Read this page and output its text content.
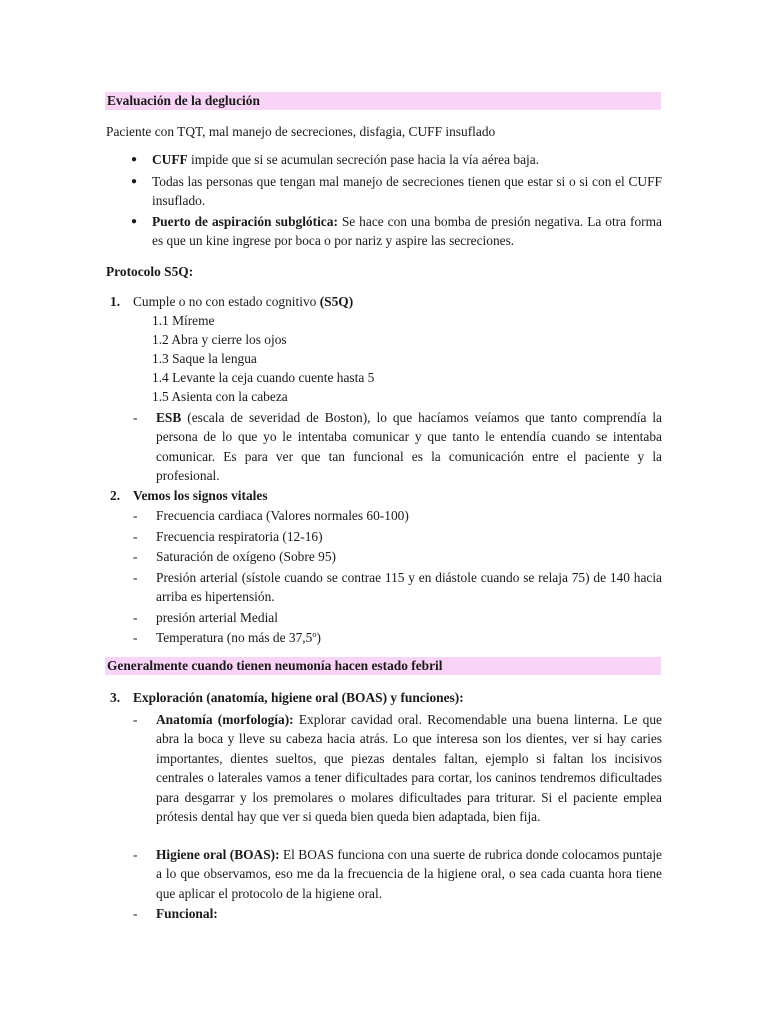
Evaluación de la deglución
Paciente con TQT, mal manejo de secreciones, disfagia, CUFF insuflado
● CUFF impide que si se acumulan secreción pase hacia la vía aérea baja.
● Todas las personas que tengan mal manejo de secreciones tienen que estar si o si con el CUFF insuflado.
● Puerto de aspiración subglótica: Se hace con una bomba de presión negativa. La otra forma es que un kine ingrese por boca o por nariz y aspire las secreciones.
Protocolo S5Q:
1. Cumple o no con estado cognitivo (S5Q)
1.1 Míreme
1.2 Abra y cierre los ojos
1.3 Saque la lengua
1.4 Levante la ceja cuando cuente hasta 5
1.5 Asienta con la cabeza
- ESB (escala de severidad de Boston), lo que hacíamos veíamos que tanto comprendía la persona de lo que yo le intentaba comunicar y que tanto le entendía cuando se intentaba comunicar. Es para ver que tan funcional es la comunicación entre el paciente y la profesional.
2. Vemos los signos vitales
- Frecuencia cardiaca (Valores normales 60-100)
- Frecuencia respiratoria (12-16)
- Saturación de oxígeno (Sobre 95)
- Presión arterial (sístole cuando se contrae 115 y en diástole cuando se relaja 75) de 140 hacia arriba es hipertensión.
- presión arterial Medial
- Temperatura (no más de 37,5º)
Generalmente cuando tienen neumonía hacen estado febril
3. Exploración (anatomía, higiene oral (BOAS) y funciones):
- Anatomía (morfología): Explorar cavidad oral. Recomendable una buena linterna. Le que abra la boca y lleve su cabeza hacia atrás. Lo que interesa son los dientes, ver si hay caries importantes, dientes sueltos, que piezas dentales faltan, ejemplo si faltan los incisivos centrales o laterales vamos a tener dificultades para cortar, los caninos tendremos dificultades para desgarrar y los premolares o molares dificultades para triturar. Si el paciente emplea prótesis dental hay que ver si queda bien queda bien adaptada, bien fija.
- Higiene oral (BOAS): El BOAS funciona con una suerte de rubrica donde colocamos puntaje a lo que observamos, eso me da la frecuencia de la higiene oral, o sea cada cuanta hora tiene que aplicar el protocolo de la higiene oral.
- Funcional:
